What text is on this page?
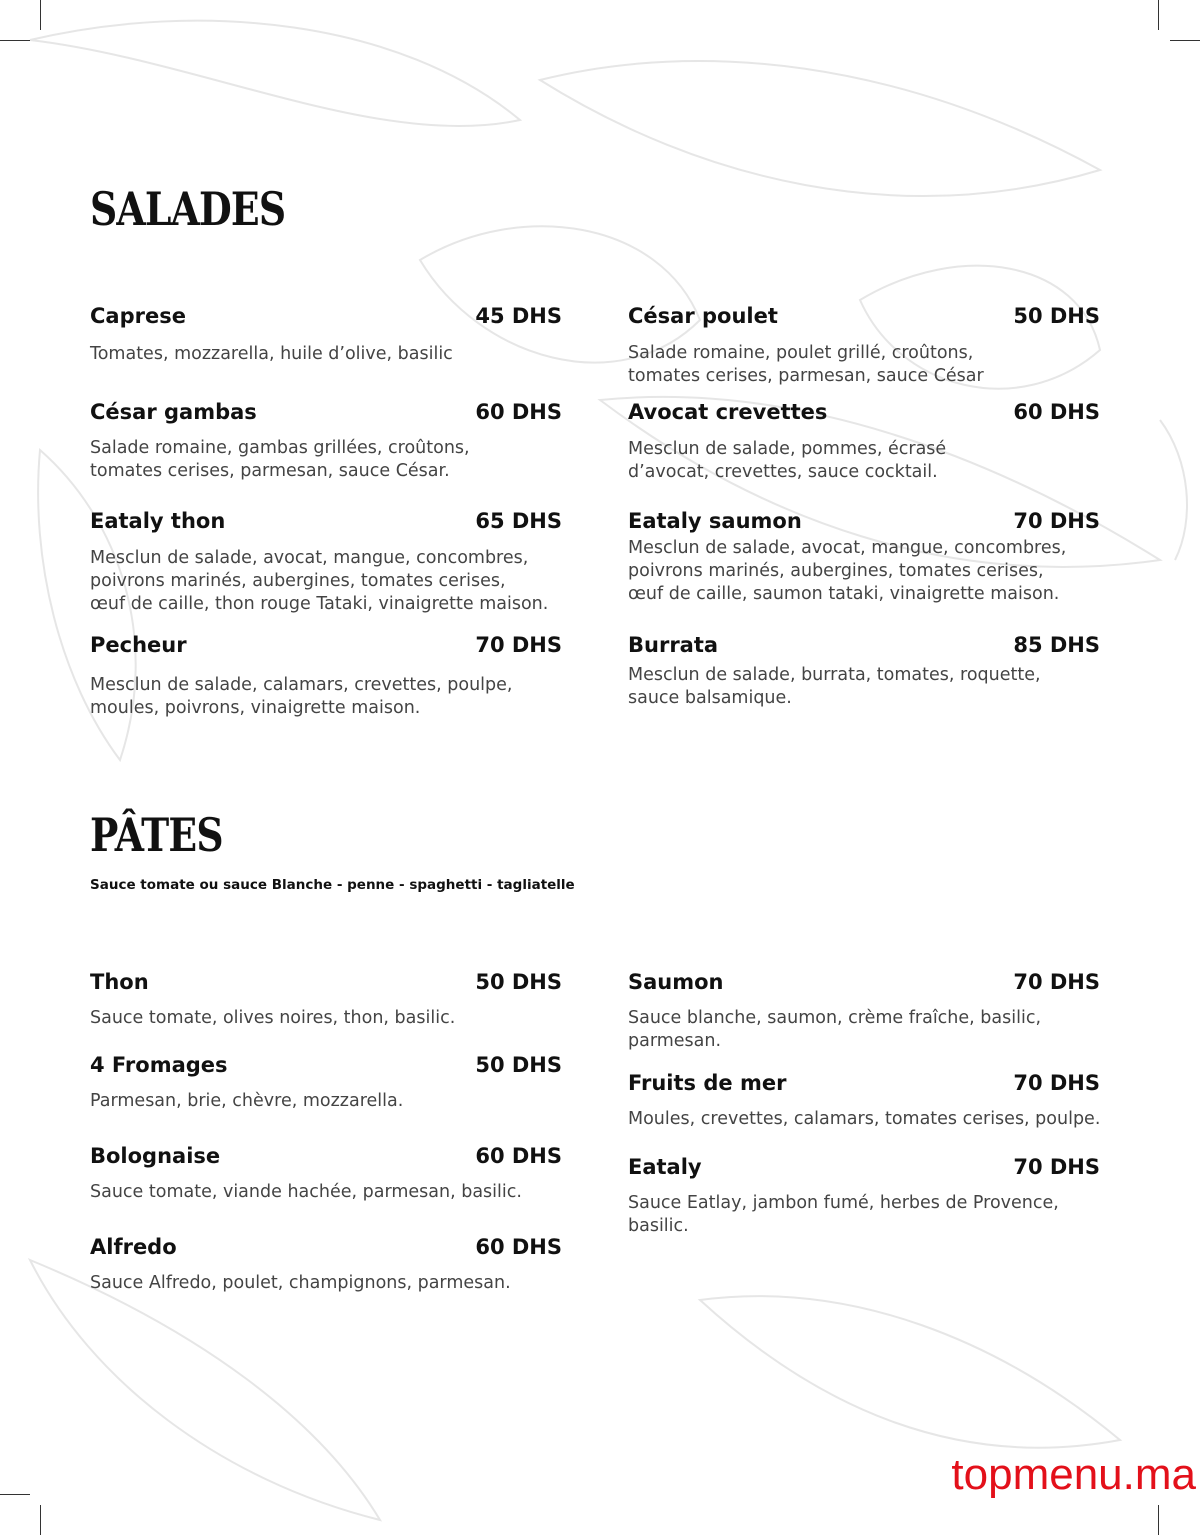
SALADES
PÂTES
Sauce tomate ou sauce Blanche - penne - spaghetti - tagliatelle
Caprese	45 DHS
Tomates, mozzarella, huile d’olive, basilic
César gambas	60 DHS
Salade romaine, gambas grillées, croûtons,
tomates cerises, parmesan, sauce César.
Eataly thon	65 DHS
Mesclun de salade, avocat, mangue, concombres,
poivrons marinés, aubergines, tomates cerises,
œuf de caille, thon rouge Tataki, vinaigrette maison.
Pecheur	70 DHS
Mesclun de salade, calamars, crevettes, poulpe,
moules, poivrons, vinaigrette maison.
César poulet	50 DHS
Salade romaine, poulet grillé, croûtons,
tomates cerises, parmesan, sauce César
Avocat crevettes	60 DHS
Mesclun de salade, pommes, écrasé
d’avocat, crevettes, sauce cocktail.
Eataly saumon	70 DHS
Mesclun de salade, avocat, mangue, concombres,
poivrons marinés, aubergines, tomates cerises,
œuf de caille, saumon tataki, vinaigrette maison.
Burrata	85 DHS
Mesclun de salade, burrata, tomates, roquette,
sauce balsamique.
Thon	50 DHS
Sauce tomate, olives noires, thon, basilic.
4 Fromages	50 DHS
Parmesan, brie, chèvre, mozzarella.
Bolognaise	60 DHS
Sauce tomate, viande hachée, parmesan, basilic.
Alfredo	60 DHS
Sauce Alfredo, poulet, champignons, parmesan.
Saumon	70 DHS
Sauce blanche, saumon, crème fraîche, basilic,
parmesan.
Fruits de mer	70 DHS
Moules, crevettes, calamars, tomates cerises, poulpe.
Eataly	70 DHS
Sauce Eatlay, jambon fumé, herbes de Provence,
basilic.
topmenu.ma
